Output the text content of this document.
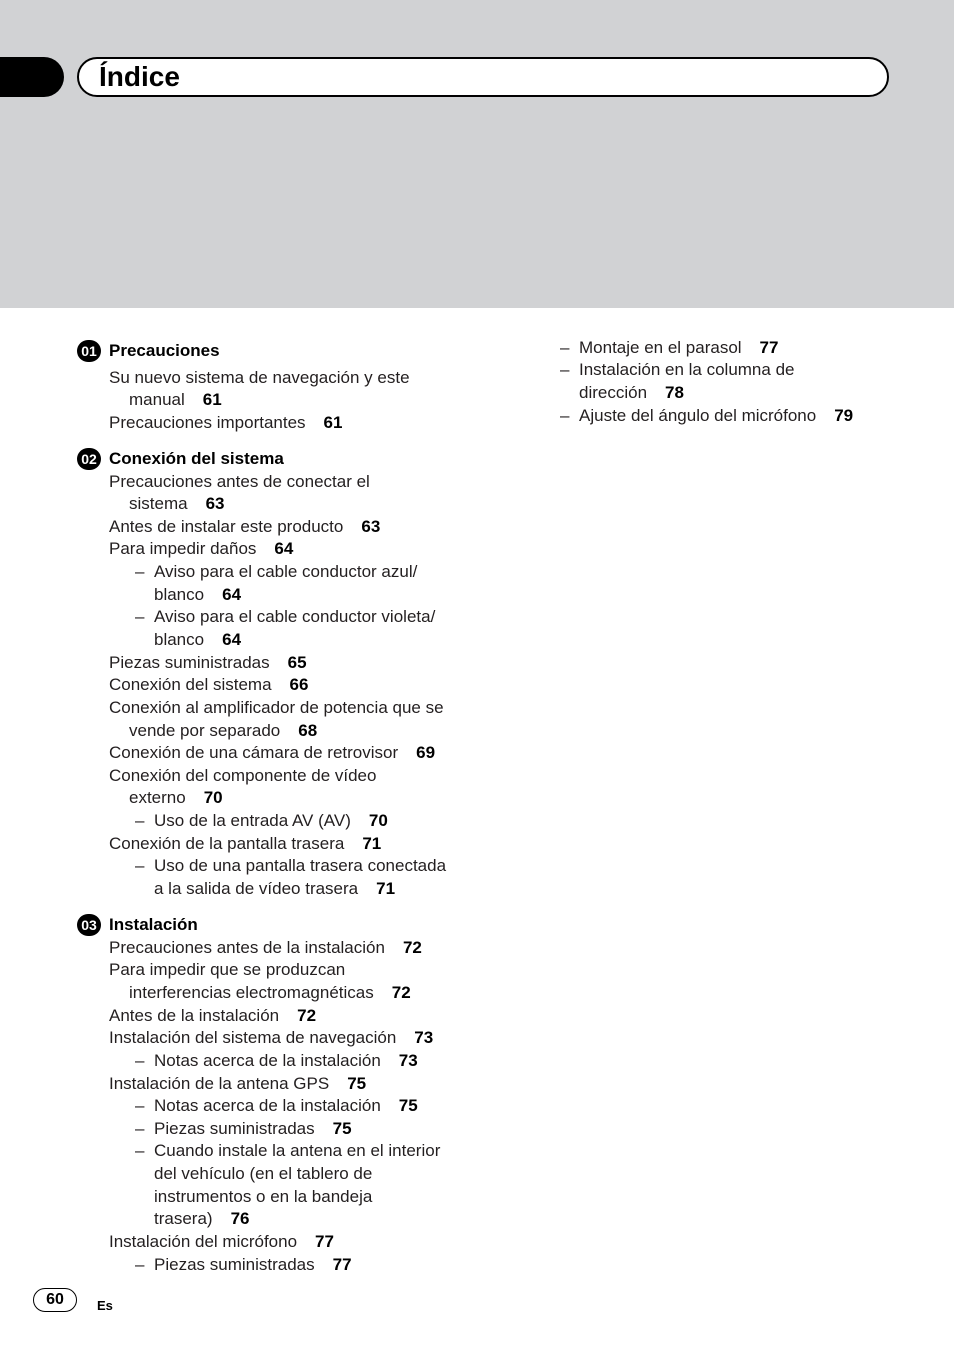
Índice
01 Precauciones
02 Conexión del sistema
03 Instalación
Su nuevo sistema de navegación y este
manual 61
Precauciones importantes 61
Precauciones antes de conectar el
sistema 63
Antes de instalar este producto 63
Para impedir daños 64
– Aviso para el cable conductor azul/
blanco 64
– Aviso para el cable conductor violeta/
blanco 64
Piezas suministradas 65
Conexión del sistema 66
Conexión al amplificador de potencia que se
vende por separado 68
Conexión de una cámara de retrovisor 69
Conexión del componente de vídeo
externo 70
– Uso de la entrada AV (AV) 70
Conexión de la pantalla trasera 71
– Uso de una pantalla trasera conectada
a la salida de vídeo trasera 71
Precauciones antes de la instalación 72
Para impedir que se produzcan
interferencias electromagnéticas 72
Antes de la instalación 72
Instalación del sistema de navegación 73
– Notas acerca de la instalación 73
Instalación de la antena GPS 75
– Notas acerca de la instalación 75
– Piezas suministradas 75
– Cuando instale la antena en el interior
del vehículo (en el tablero de
instrumentos o en la bandeja
trasera) 76
Instalación del micrófono 77
– Piezas suministradas 77
– Montaje en el parasol 77
– Instalación en la columna de
dirección 78
– Ajuste del ángulo del micrófono 79
60	Es
